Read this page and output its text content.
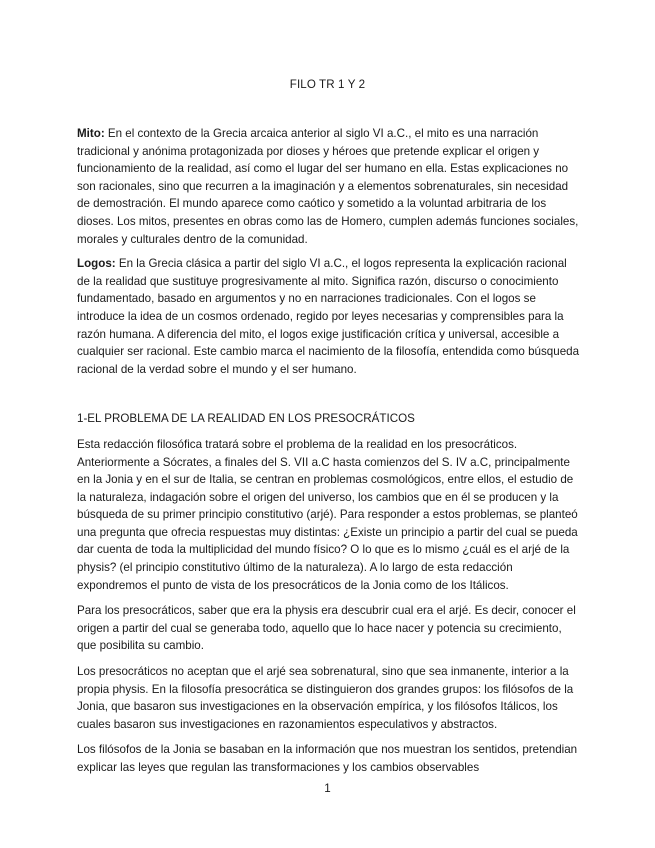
FILO TR 1 Y 2

Mito: En el contexto de la Grecia arcaica anterior al siglo VI a.C., el mito es una narración tradicional y anónima protagonizada por dioses y héroes que pretende explicar el origen y funcionamiento de la realidad, así como el lugar del ser humano en ella. Estas explicaciones no son racionales, sino que recurren a la imaginación y a elementos sobrenaturales, sin necesidad de demostración. El mundo aparece como caótico y sometido a la voluntad arbitraria de los dioses. Los mitos, presentes en obras como las de Homero, cumplen además funciones sociales, morales y culturales dentro de la comunidad.

Logos: En la Grecia clásica a partir del siglo VI a.C., el logos representa la explicación racional de la realidad que sustituye progresivamente al mito. Significa razón, discurso o conocimiento fundamentado, basado en argumentos y no en narraciones tradicionales. Con el logos se introduce la idea de un cosmos ordenado, regido por leyes necesarias y comprensibles para la razón humana. A diferencia del mito, el logos exige justificación crítica y universal, accesible a cualquier ser racional. Este cambio marca el nacimiento de la filosofía, entendida como búsqueda racional de la verdad sobre el mundo y el ser humano.

1-EL PROBLEMA DE LA REALIDAD EN LOS PRESOCRÁTICOS

Esta redacción filosófica tratará sobre el problema de la realidad en los presocráticos. Anteriormente a Sócrates, a finales del S. VII a.C hasta comienzos del S. IV a.C, principalmente en la Jonia y en el sur de Italia, se centran en problemas cosmológicos, entre ellos, el estudio de la naturaleza, indagación sobre el origen del universo, los cambios que en él se producen y la búsqueda de su primer principio constitutivo (arjé). Para responder a estos problemas, se planteó una pregunta que ofrecia respuestas muy distintas: ¿Existe un principio a partir del cual se pueda dar cuenta de toda la multiplicidad del mundo físico? O lo que es lo mismo ¿cuál es el arjé de la physis? (el principio constitutivo último de la naturaleza). A lo largo de esta redacción expondremos el punto de vista de los presocráticos de la Jonia como de los Itálicos.

Para los presocráticos, saber que era la physis era descubrir cual era el arjé. Es decir, conocer el origen a partir del cual se generaba todo, aquello que lo hace nacer y potencia su crecimiento, que posibilita su cambio.

Los presocráticos no aceptan que el arjé sea sobrenatural, sino que sea inmanente, interior a la propia physis. En la filosofía presocrática se distinguieron dos grandes grupos: los filósofos de la Jonia, que basaron sus investigaciones en la observación empírica, y los filósofos Itálicos, los cuales basaron sus investigaciones en razonamientos especulativos y abstractos.

Los filósofos de la Jonia se basaban en la información que nos muestran los sentidos, pretendian explicar las leyes que regulan las transformaciones y los cambios observables

1
